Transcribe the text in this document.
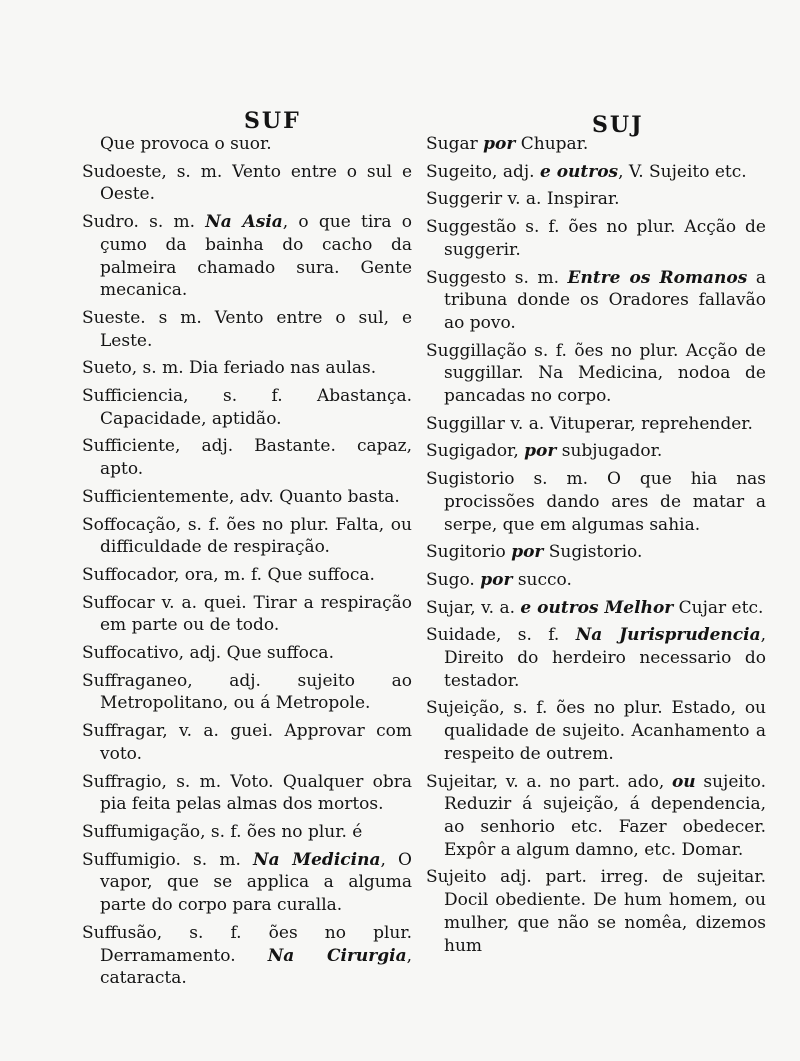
SUF	SUJ
Que provoca o suor.
Sudoeste, s. m. Vento entre o sul e Oeste.
Sudro. s. m. Na Asia, o que tira o çumo da bainha do cacho da palmeira chamado sura. Gente mecanica.
Sueste. s m. Vento entre o sul, e Leste.
Sueto, s. m. Dia feriado nas aulas.
Sufficiencia, s. f. Abastança. Capacidade, aptidão.
Sufficiente, adj. Bastante. capaz, apto.
Sufficientemente, adv. Quanto basta.
Soffocação, s. f. ões no plur. Falta, ou difficuldade de respiração.
Suffocador, ora, m. f. Que suffoca.
Suffocar v. a. quei. Tirar a respiração em parte ou de todo.
Suffocativo, adj. Que suffoca.
Suffraganeo, adj. sujeito ao Metropolitano, ou á Metropole.
Suffragar, v. a. guei. Approvar com voto.
Suffragio, s. m. Voto. Qualquer obra pia feita pelas almas dos mortos.
Suffumigação, s. f. ões no plur. é
Suffumigio. s. m. Na Medicina, O vapor, que se applica a alguma parte do corpo para curalla.
Suffusão, s. f. ões no plur. Derramamento. Na Cirurgia, cataracta.
Sugar por Chupar.
Sugeito, adj. e outros, V. Sujeito etc.
Suggerir v. a. Inspirar.
Suggestão s. f. ões no plur. Acção de suggerir.
Suggesto s. m. Entre os Romanos a tribuna donde os Oradores fallavão ao povo.
Suggillação s. f. ões no plur. Acção de suggillar. Na Medicina, nodoa de pancadas no corpo.
Suggillar v. a. Vituperar, reprehender.
Sugigador, por subjugador.
Sugistorio s. m. O que hia nas procissões dando ares de matar a serpe, que em algumas sahia.
Sugitorio por Sugistorio.
Sugo. por succo.
Sujar, v. a. e outros Melhor Cujar etc.
Suidade, s. f. Na Jurisprudencia, Direito do herdeiro necessario do testador.
Sujeição, s. f. ões no plur. Estado, ou qualidade de sujeito. Acanhamento a respeito de outrem.
Sujeitar, v. a. no part. ado, ou sujeito. Reduzir á sujeição, á dependencia, ao senhorio etc. Fazer obedecer. Expôr a algum damno, etc. Domar.
Sujeito adj. part. irreg. de sujeitar. Docil obediente. De hum homem, ou mulher, que não se nomêa, dizemos hum
